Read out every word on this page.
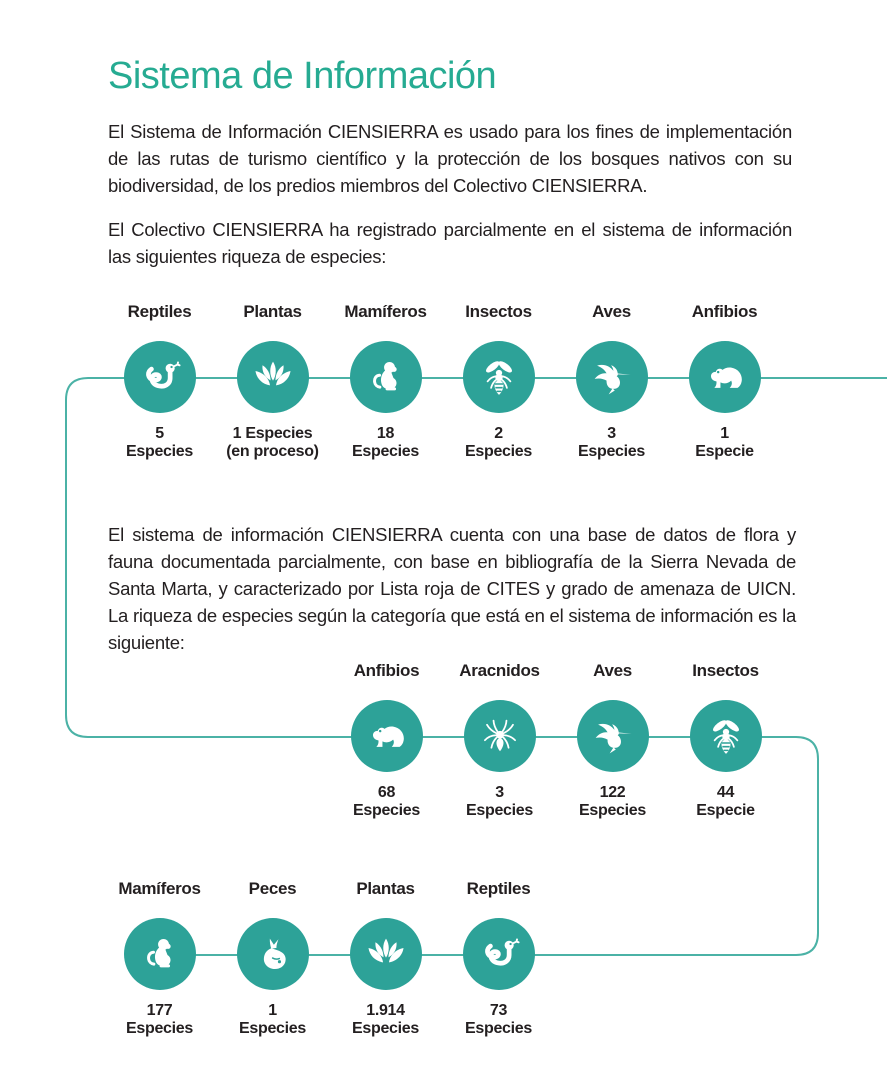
Sistema de Información

El Sistema de Información CIENSIERRA es usado para los fines de implementación de las rutas de turismo científico y la protección de los bosques nativos con su biodiversidad, de los predios miembros del Colectivo CIENSIERRA.

El Colectivo CIENSIERRA ha registrado parcialmente en el sistema de información las siguientes riqueza de especies:

El sistema de información CIENSIERRA cuenta con una base de datos de flora y fauna documentada parcialmente, con base en bibliografía de la Sierra Nevada de Santa Marta, y caracterizado por Lista roja de CITES y grado de amenaza de UICN. La riqueza de especies según la categoría que está en el sistema de información es la siguiente:

Reptiles
5
Especies
Plantas
1 Especies
(en proceso)
Mamíferos
18
Especies
Insectos
2
Especies
Aves
3
Especies
Anfibios
1
Especie
Anfibios
68
Especies
Aracnidos
3
Especies
Aves
122
Especies
Insectos
44
Especie
Mamíferos
177
Especies
Peces
1
Especies
Plantas
1.914
Especies
Reptiles
73
Especies
